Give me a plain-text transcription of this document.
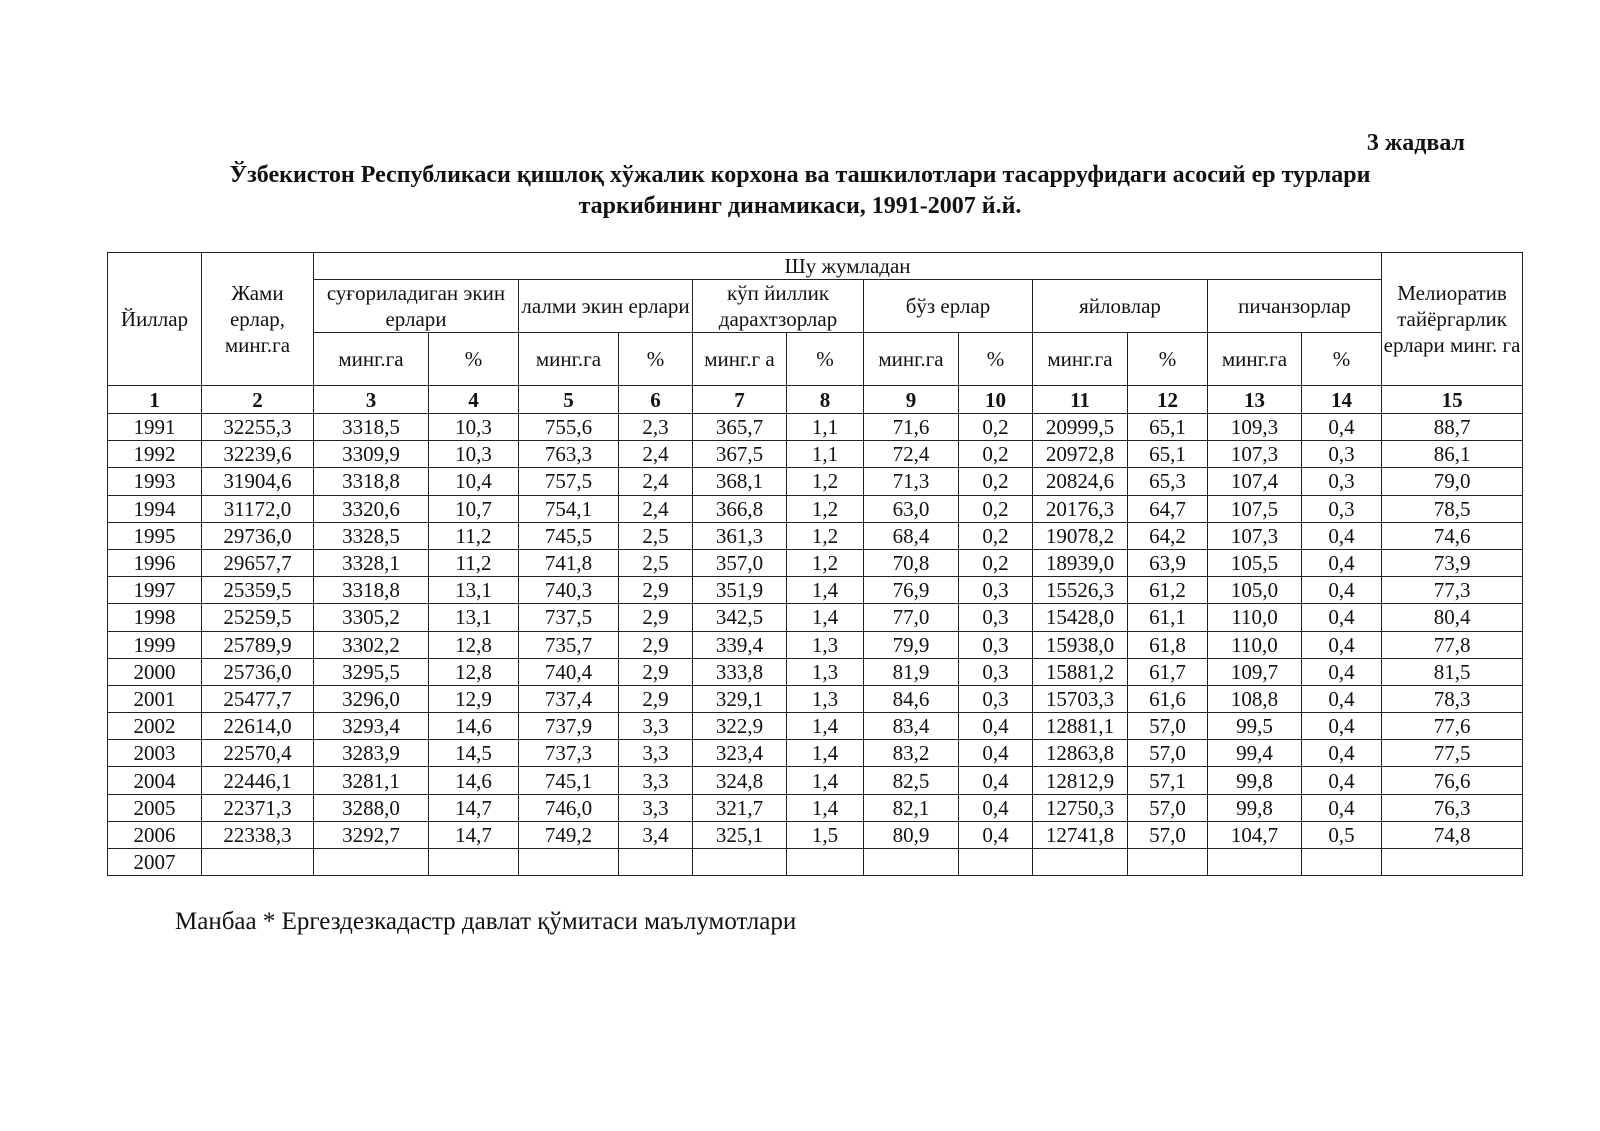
3 жадвал
Ўзбекистон Республикаси қишлоқ хўжалик корхона ва ташкилотлари тасарруфидаги асосий ер турлари
таркибининг динамикаси, 1991-2007 й.й.
Йиллар	Жами ерлар, минг.га	Шу жумладан												Мелиоратив тайёргарлик ерлари минг. га
		суғориладиган экин ерлари		лалми экин ерлари		кўп йиллик дарахтзорлар		бўз ерлар		яйловлар		пичанзорлар		
		минг.га	%	минг.га	%	минг.г а	%	минг.га	%	минг.га	%	минг.га	%	
1	2	3	4	5	6	7	8	9	10	11	12	13	14	15
1991	32255,3	3318,5	10,3	755,6	2,3	365,7	1,1	71,6	0,2	20999,5	65,1	109,3	0,4	88,7
1992	32239,6	3309,9	10,3	763,3	2,4	367,5	1,1	72,4	0,2	20972,8	65,1	107,3	0,3	86,1
1993	31904,6	3318,8	10,4	757,5	2,4	368,1	1,2	71,3	0,2	20824,6	65,3	107,4	0,3	79,0
1994	31172,0	3320,6	10,7	754,1	2,4	366,8	1,2	63,0	0,2	20176,3	64,7	107,5	0,3	78,5
1995	29736,0	3328,5	11,2	745,5	2,5	361,3	1,2	68,4	0,2	19078,2	64,2	107,3	0,4	74,6
1996	29657,7	3328,1	11,2	741,8	2,5	357,0	1,2	70,8	0,2	18939,0	63,9	105,5	0,4	73,9
1997	25359,5	3318,8	13,1	740,3	2,9	351,9	1,4	76,9	0,3	15526,3	61,2	105,0	0,4	77,3
1998	25259,5	3305,2	13,1	737,5	2,9	342,5	1,4	77,0	0,3	15428,0	61,1	110,0	0,4	80,4
1999	25789,9	3302,2	12,8	735,7	2,9	339,4	1,3	79,9	0,3	15938,0	61,8	110,0	0,4	77,8
2000	25736,0	3295,5	12,8	740,4	2,9	333,8	1,3	81,9	0,3	15881,2	61,7	109,7	0,4	81,5
2001	25477,7	3296,0	12,9	737,4	2,9	329,1	1,3	84,6	0,3	15703,3	61,6	108,8	0,4	78,3
2002	22614,0	3293,4	14,6	737,9	3,3	322,9	1,4	83,4	0,4	12881,1	57,0	99,5	0,4	77,6
2003	22570,4	3283,9	14,5	737,3	3,3	323,4	1,4	83,2	0,4	12863,8	57,0	99,4	0,4	77,5
2004	22446,1	3281,1	14,6	745,1	3,3	324,8	1,4	82,5	0,4	12812,9	57,1	99,8	0,4	76,6
2005	22371,3	3288,0	14,7	746,0	3,3	321,7	1,4	82,1	0,4	12750,3	57,0	99,8	0,4	76,3
2006	22338,3	3292,7	14,7	749,2	3,4	325,1	1,5	80,9	0,4	12741,8	57,0	104,7	0,5	74,8
2007														
Манбаа * Ергездезкадастр давлат қўмитаси маълумотлари
